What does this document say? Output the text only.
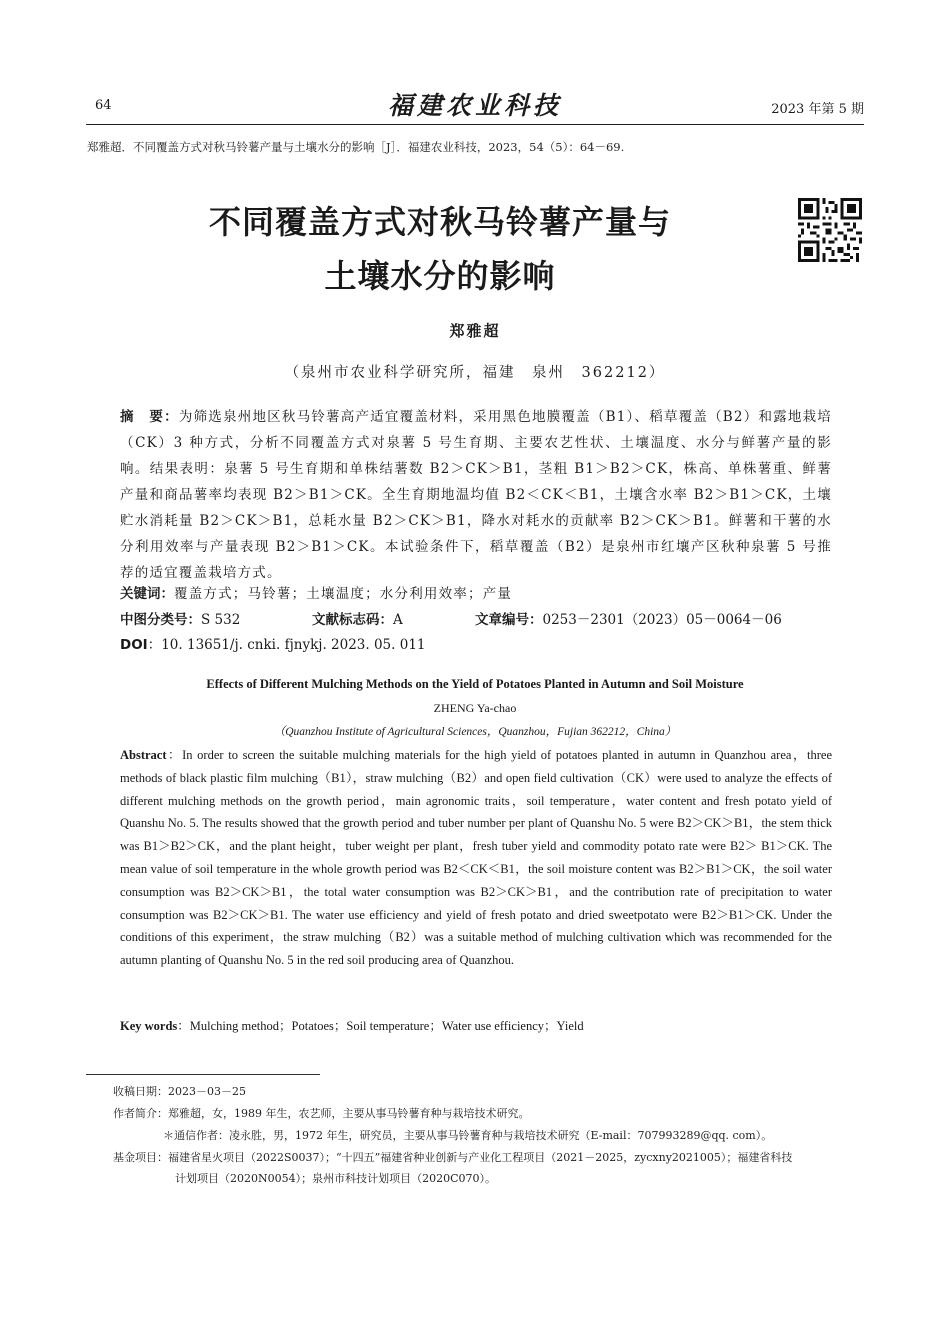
64	福建农业科技	2023 年第 5 期
郑雅超．不同覆盖方式对秋马铃薯产量与土壤水分的影响［J］．福建农业科技，2023，54（5）：64－69.
不同覆盖方式对秋马铃薯产量与
土壤水分的影响
郑雅超
（泉州市农业科学研究所，福建　泉州　362212）
摘　要：为筛选泉州地区秋马铃薯高产适宜覆盖材料，采用黑色地膜覆盖（B1）、稻草覆盖（B2）和露地栽培（CK）3 种方式，分析不同覆盖方式对泉薯 5 号生育期、主要农艺性状、土壤温度、水分与鲜薯产量的影响。结果表明：泉薯 5 号生育期和单株结薯数 B2＞CK＞B1，茎粗 B1＞B2＞CK，株高、单株薯重、鲜薯产量和商品薯率均表现 B2＞B1＞CK。全生育期地温均值 B2＜CK＜B1，土壤含水率 B2＞B1＞CK，土壤贮水消耗量 B2＞CK＞B1，总耗水量 B2＞CK＞B1，降水对耗水的贡献率 B2＞CK＞B1。鲜薯和干薯的水分利用效率与产量表现 B2＞B1＞CK。本试验条件下，稻草覆盖（B2）是泉州市红壤产区秋种泉薯 5 号推荐的适宜覆盖栽培方式。
关键词：覆盖方式；马铃薯；土壤温度；水分利用效率；产量
中图分类号：S 532	文献标志码：A	文章编号：0253－2301（2023）05－0064－06
DOI：10. 13651/j. cnki. fjnykj. 2023. 05. 011
Effects of Different Mulching Methods on the Yield of Potatoes Planted in Autumn and Soil Moisture
ZHENG Ya-chao
（Quanzhou Institute of Agricultural Sciences，Quanzhou，Fujian 362212，China）
Abstract：In order to screen the suitable mulching materials for the high yield of potatoes planted in autumn in Quanzhou area，three methods of black plastic film mulching（B1），straw mulching（B2）and open field cultivation（CK）were used to analyze the effects of different mulching methods on the growth period，main agronomic traits，soil temperature，water content and fresh potato yield of Quanshu No. 5. The results showed that the growth period and tuber number per plant of Quanshu No. 5 were B2＞CK＞B1，the stem thick was B1＞B2＞CK，and the plant height，tuber weight per plant，fresh tuber yield and commodity potato rate were B2＞ B1＞CK. The mean value of soil temperature in the whole growth period was B2＜CK＜B1，the soil moisture content was B2＞B1＞CK，the soil water consumption was B2＞CK＞B1，the total water consumption was B2＞CK＞B1，and the contribution rate of precipitation to water consumption was B2＞CK＞B1. The water use efficiency and yield of fresh potato and dried sweetpotato were B2＞B1＞CK. Under the conditions of this experiment，the straw mulching（B2）was a suitable method of mulching cultivation which was recommended for the autumn planting of Quanshu No. 5 in the red soil producing area of Quanzhou.
Key words：Mulching method；Potatoes；Soil temperature；Water use efficiency；Yield
收稿日期：2023－03－25
作者简介：郑雅超，女，1989 年生，农艺师，主要从事马铃薯育种与栽培技术研究。
＊通信作者：凌永胜，男，1972 年生，研究员，主要从事马铃薯育种与栽培技术研究（E-mail：707993289@qq. com）。
基金项目：福建省星火项目（2022S0037）；“十四五”福建省种业创新与产业化工程项目（2021－2025，zycxny2021005）；福建省科技
计划项目（2020N0054）；泉州市科技计划项目（2020C070）。
